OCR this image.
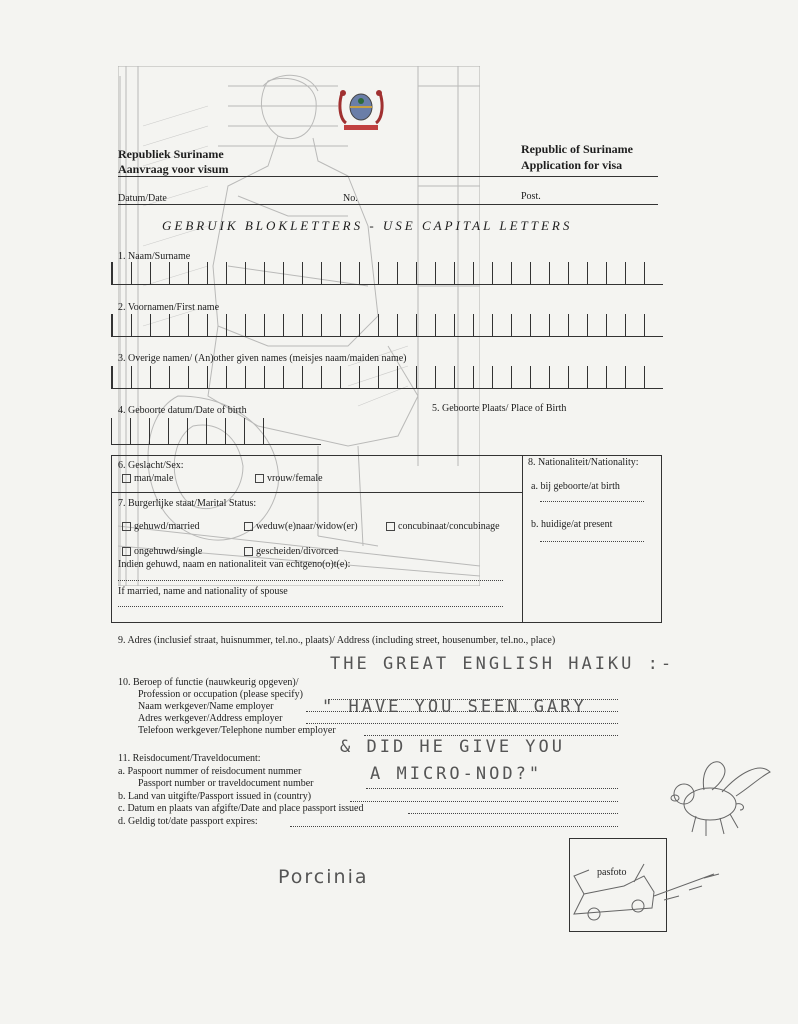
Republiek Suriname
Aanvraag voor visum
Republic of Suriname
Application for visa
Datum/Date	No.	Post.
GEBRUIK BLOKLETTERS - USE CAPITAL LETTERS
1. Naam/Surname
2. Voornamen/First name
3. Overige namen/ (An)other given names (meisjes naam/maiden name)
4. Geboorte datum/Date of birth	5. Geboorte Plaats/ Place of Birth
6. Geslacht/Sex:
man/male	vrouw/female
7. Burgerlijke staat/Marital Status:
gehuwd/married	weduw(e)naar/widow(er)	concubinaat/concubinage
ongehuwd/single	gescheiden/divorced
Indien gehuwd, naam en nationaliteit van echtgeno(o)t(e):
If married, name and nationality of spouse
8. Nationaliteit/Nationality:
a. bij geboorte/at birth
b. huidige/at present
9. Adres (inclusief straat, huisnummer, tel.no., plaats)/ Address (including street, housenumber, tel.no., place)
10. Beroep of functie (nauwkeurig opgeven)/
Profession or occupation (please specify)
Naam werkgever/Name employer
Adres werkgever/Address employer
Telefoon werkgever/Telephone number employer
11. Reisdocument/Traveldocument:
a. Paspoort nummer of reisdocument nummer
Passport number or traveldocument number
b. Land van uitgifte/Passport issued in (country)
c. Datum en plaats van afgifte/Date and place passport issued
d. Geldig tot/date passport expires:
THE GREAT ENGLISH HAIKU :-
" HAVE YOU SEEN GARY
& DID HE GIVE YOU
A MICRO-NOD?"
Porcinia	pasfoto
